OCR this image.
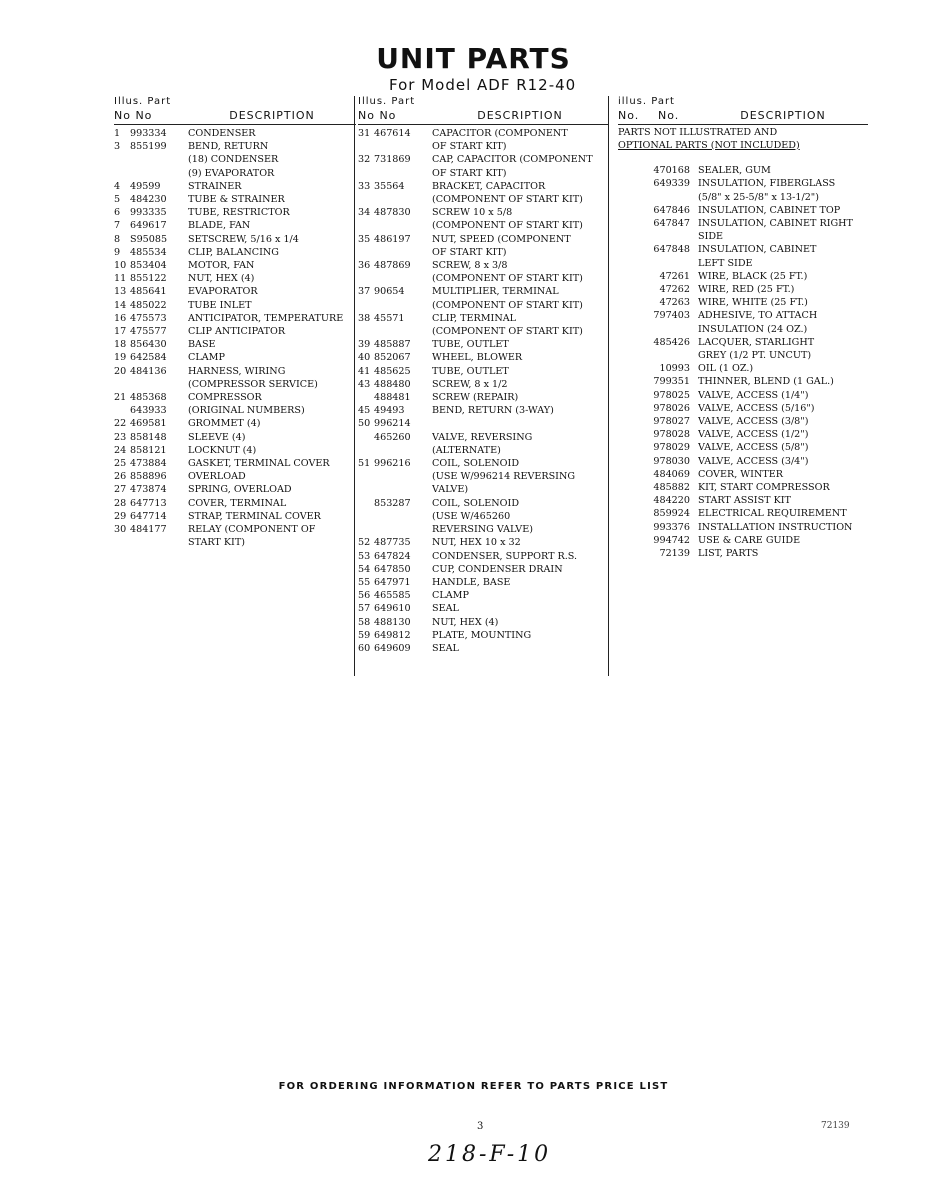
UNIT PARTS
For Model ADF R12-40
Illus. Part
No No	DESCRIPTION
1	993334	CONDENSER
3	855199	BEND, RETURN
(18) CONDENSER
(9) EVAPORATOR
4	49599	STRAINER
5	484230	TUBE & STRAINER
6	993335	TUBE, RESTRICTOR
7	649617	BLADE, FAN
8	S95085	SETSCREW, 5/16 x 1/4
9	485534	CLIP, BALANCING
10 853404	MOTOR, FAN
11 855122	NUT, HEX (4)
13 485641	EVAPORATOR
14 485022	TUBE INLET
16 475573	ANTICIPATOR, TEMPERATURE
17 475577	CLIP ANTICIPATOR
18 856430	BASE
19 642584	CLAMP
20 484136	HARNESS, WIRING
(COMPRESSOR SERVICE)
21 485368	COMPRESSOR
643933	(ORIGINAL NUMBERS)
22 469581	GROMMET (4)
23 858148	SLEEVE (4)
24 858121	LOCKNUT (4)
25 473884	GASKET, TERMINAL COVER
26 858896	OVERLOAD
27 473874	SPRING, OVERLOAD
28 647713	COVER, TERMINAL
29 647714	STRAP, TERMINAL COVER
30 484177	RELAY (COMPONENT OF
START KIT)
Illus. Part
No No	DESCRIPTION
31 467614	CAPACITOR (COMPONENT
OF START KIT)
32 731869	CAP, CAPACITOR (COMPONENT
OF START KIT)
33 35564	BRACKET, CAPACITOR
(COMPONENT OF START KIT)
34 487830	SCREW 10 x 5/8
(COMPONENT OF START KIT)
35 486197	NUT, SPEED (COMPONENT
OF START KIT)
36 487869	SCREW, 8 x 3/8
(COMPONENT OF START KIT)
37 90654	MULTIPLIER, TERMINAL
(COMPONENT OF START KIT)
38 45571	CLIP, TERMINAL
(COMPONENT OF START KIT)
39 485887	TUBE, OUTLET
40 852067	WHEEL, BLOWER
41 485625	TUBE, OUTLET
43 488480	SCREW, 8 x 1/2
488481	SCREW (REPAIR)
45 49493	BEND, RETURN (3-WAY)
50 996214
465260	VALVE, REVERSING
(ALTERNATE)
51 996216	COIL, SOLENOID
(USE W/996214 REVERSING
VALVE)
853287	COIL, SOLENOID
(USE W/465260
REVERSING VALVE)
52 487735	NUT, HEX 10 x 32
53 647824	CONDENSER, SUPPORT R.S.
54 647850	CUP, CONDENSER DRAIN
55 647971	HANDLE, BASE
56 465585	CLAMP
57 649610	SEAL
58 488130	NUT, HEX (4)
59 649812	PLATE, MOUNTING
60 649609	SEAL
illus. Part
No.	No.	DESCRIPTION
PARTS NOT ILLUSTRATED AND
OPTIONAL PARTS (NOT INCLUDED)
470168 SEALER, GUM
649339 INSULATION, FIBERGLASS
(5/8" x 25-5/8" x 13-1/2")
647846 INSULATION, CABINET TOP
647847 INSULATION, CABINET RIGHT
SIDE
647848 INSULATION, CABINET
LEFT SIDE
47261 WIRE, BLACK (25 FT.)
47262 WIRE, RED (25 FT.)
47263 WIRE, WHITE (25 FT.)
797403 ADHESIVE, TO ATTACH
INSULATION (24 OZ.)
485426 LACQUER, STARLIGHT
GREY (1/2 PT. UNCUT)
10993 OIL (1 OZ.)
799351 THINNER, BLEND (1 GAL.)
978025 VALVE, ACCESS (1/4")
978026 VALVE, ACCESS (5/16")
978027 VALVE, ACCESS (3/8")
978028 VALVE, ACCESS (1/2")
978029 VALVE, ACCESS (5/8")
978030 VALVE, ACCESS (3/4")
484069 COVER, WINTER
485882 KIT, START COMPRESSOR
484220 START ASSIST KIT
859924 ELECTRICAL REQUIREMENT
993376 INSTALLATION INSTRUCTION
994742 USE & CARE GUIDE
72139 LIST, PARTS
FOR ORDERING INFORMATION REFER TO PARTS PRICE LIST
3	72139
218-F-10
